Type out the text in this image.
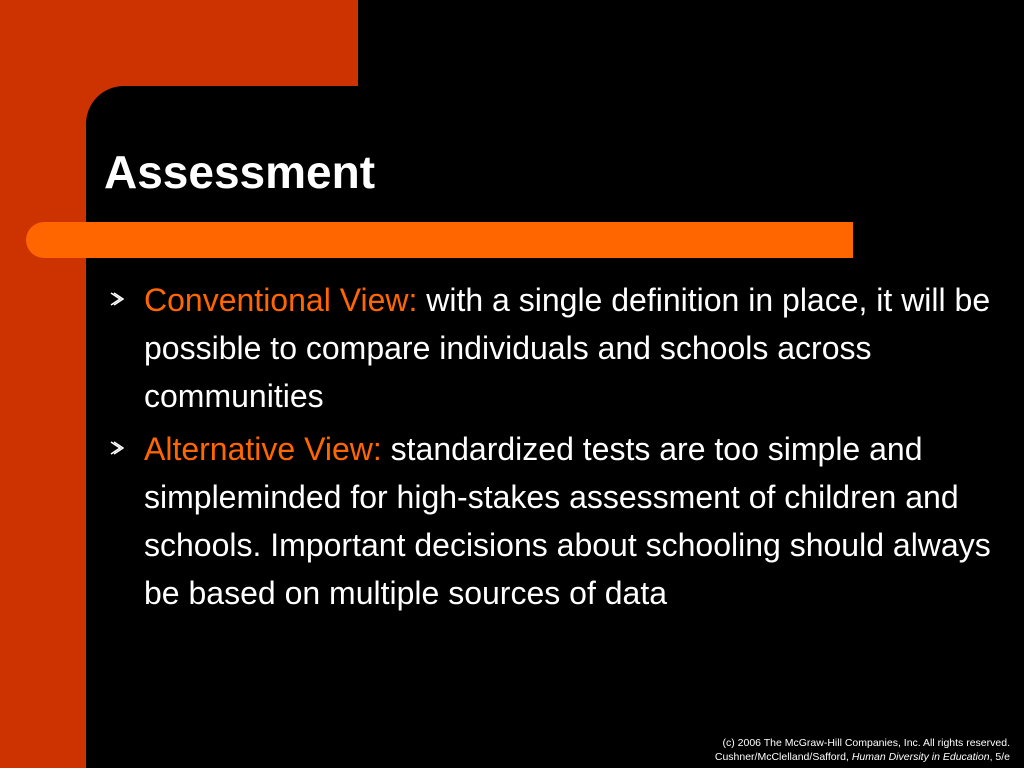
Assessment
Conventional View: with a single definition in place, it will be possible to compare individuals and schools across communities
Alternative View: standardized tests are too simple and simpleminded for high-stakes assessment of children and schools. Important decisions about schooling should always be based on multiple sources of data
(c) 2006 The McGraw-Hill Companies, Inc. All rights reserved.
Cushner/McClelland/Safford, Human Diversity in Education, 5/e
